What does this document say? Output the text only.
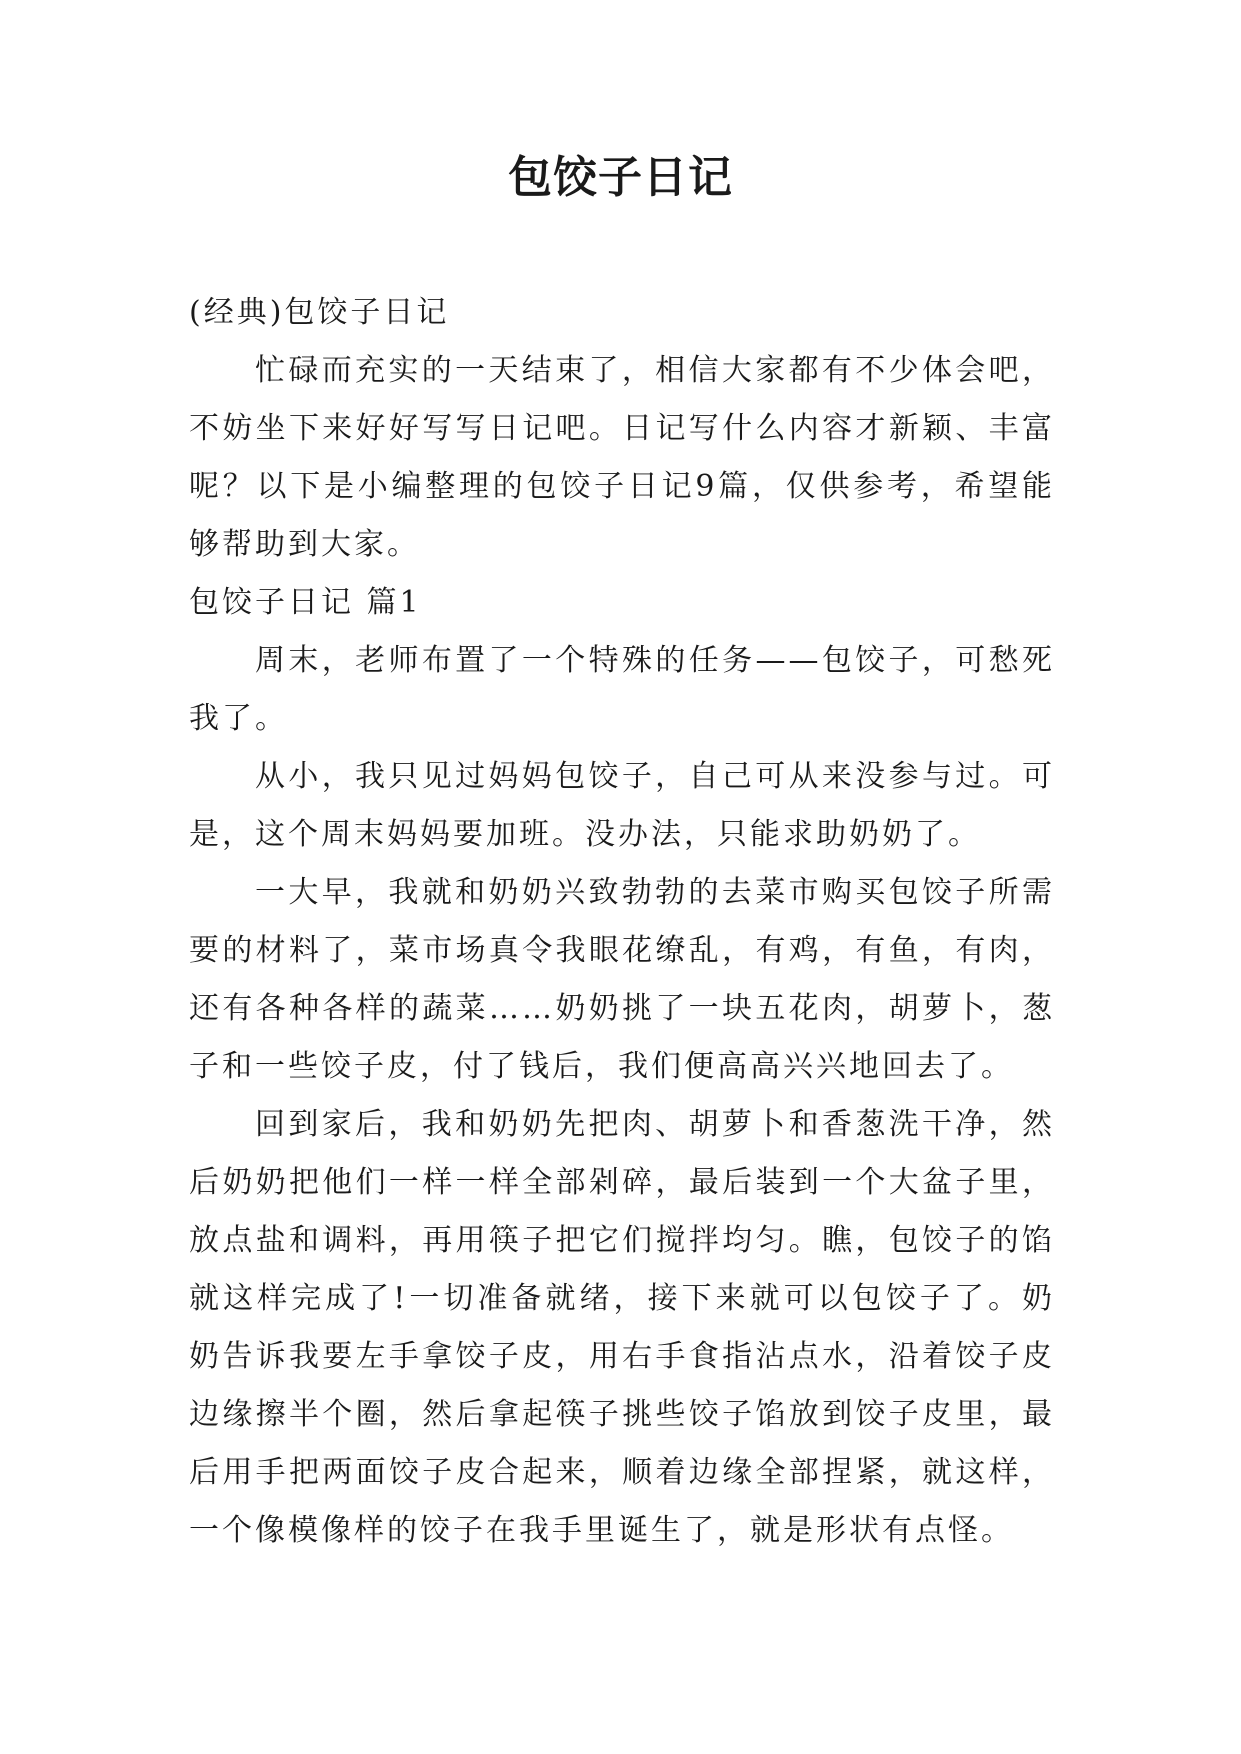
包饺子日记

(经典)包饺子日记

忙碌而充实的一天结束了，相信大家都有不少体会吧，不妨坐下来好好写写日记吧。日记写什么内容才新颖、丰富呢？以下是小编整理的包饺子日记9篇，仅供参考，希望能够帮助到大家。

包饺子日记 篇1

周末，老师布置了一个特殊的任务——包饺子，可愁死我了。

从小，我只见过妈妈包饺子，自己可从来没参与过。可是，这个周末妈妈要加班。没办法，只能求助奶奶了。

一大早，我就和奶奶兴致勃勃的去菜市购买包饺子所需要的材料了，菜市场真令我眼花缭乱，有鸡，有鱼，有肉，还有各种各样的蔬菜……奶奶挑了一块五花肉，胡萝卜，葱子和一些饺子皮，付了钱后，我们便高高兴兴地回去了。

回到家后，我和奶奶先把肉、胡萝卜和香葱洗干净，然后奶奶把他们一样一样全部剁碎，最后装到一个大盆子里，放点盐和调料，再用筷子把它们搅拌均匀。瞧，包饺子的馅就这样完成了!一切准备就绪，接下来就可以包饺子了。奶奶告诉我要左手拿饺子皮，用右手食指沾点水，沿着饺子皮边缘擦半个圈，然后拿起筷子挑些饺子馅放到饺子皮里，最后用手把两面饺子皮合起来，顺着边缘全部捏紧，就这样，一个像模像样的饺子在我手里诞生了，就是形状有点怪。
